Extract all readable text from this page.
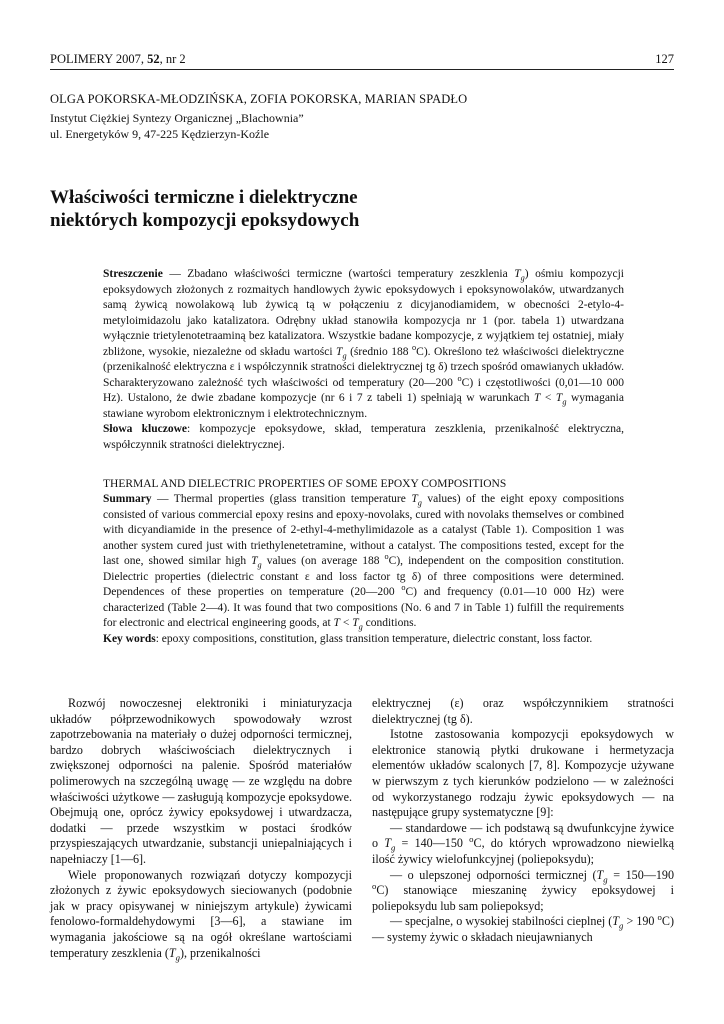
POLIMERY 2007, 52, nr 2	127
OLGA POKORSKA-MŁODZIŃSKA, ZOFIA POKORSKA, MARIAN SPADŁO
Instytut Ciężkiej Syntezy Organicznej „Blachownia”
ul. Energetyków 9, 47-225 Kędzierzyn-Koźle
Właściwości termiczne i dielektryczne
niektórych kompozycji epoksydowych
Streszczenie — Zbadano właściwości termiczne (wartości temperatury zeszklenia $T_g$) ośmiu kompozycji epoksydowych złożonych z rozmaitych handlowych żywic epoksydowych i epoksynowolaków, utwardzanych samą żywicą nowolakową lub żywicą tą w połączeniu z dicyjanodiamidem, w obecności 2-etylo-4-metyloimidazolu jako katalizatora. Odrębny układ stanowiła kompozycja nr 1 (por. tabela 1) utwardzana wyłącznie trietylenotetraaminą bez katalizatora. Wszystkie badane kompozycje, z wyjątkiem tej ostatniej, miały zbliżone, wysokie, niezależne od składu wartości $T_g$ (średnio 188 $^o$C). Określono też właściwości dielektryczne (przenikalność elektryczna ε i współczynnik stratności dielektrycznej tg δ) trzech spośród omawianych układów. Scharakteryzowano zależność tych właściwości od temperatury (20—200 $^o$C) i częstotliwości (0,01—10 000 Hz). Ustalono, że dwie zbadane kompozycje (nr 6 i 7 z tabeli 1) spełniają w warunkach $T < T_g$ wymagania stawiane wyrobom elektronicznym i elektrotechnicznym.
Słowa kluczowe: kompozycje epoksydowe, skład, temperatura zeszklenia, przenikalność elektryczna, współczynnik stratności dielektrycznej.
THERMAL AND DIELECTRIC PROPERTIES OF SOME EPOXY COMPOSITIONS
Summary — Thermal properties (glass transition temperature $T_g$ values) of the eight epoxy compositions consisted of various commercial epoxy resins and epoxy-novolaks, cured with novolaks themselves or combined with dicyandiamide in the presence of 2-ethyl-4-methylimidazole as a catalyst (Table 1). Composition 1 was another system cured just with triethylenetetramine, without a catalyst. The compositions tested, except for the last one, showed similar high $T_g$ values (on average 188 $^o$C), independent on the composition constitution. Dielectric properties (dielectric constant ε and loss factor tg δ) of three compositions were determined. Dependences of these properties on temperature (20—200 $^o$C) and frequency (0.01—10 000 Hz) were characterized (Table 2—4). It was found that two compositions (No. 6 and 7 in Table 1) fulfill the requirements for electronic and electrical engineering goods, at $T < T_g$ conditions.
Key words: epoxy compositions, constitution, glass transition temperature, dielectric constant, loss factor.

Rozwój nowoczesnej elektroniki i miniaturyzacja układów półprzewodnikowych spowodowały wzrost zapotrzebowania na materiały o dużej odporności termicznej, bardzo dobrych właściwościach dielektrycznych i zwiększonej odporności na palenie. Spośród materiałów polimerowych na szczególną uwagę — ze względu na dobre właściwości użytkowe — zasługują kompozycje epoksydowe. Obejmują one, oprócz żywicy epoksydowej i utwardzacza, dodatki — przede wszystkim w postaci środków przyspieszających utwardzanie, substancji uniepalniających i napełniaczy [1—6].

Wiele proponowanych rozwiązań dotyczy kompozycji złożonych z żywic epoksydowych sieciowanych (podobnie jak w pracy opisywanej w niniejszym artykule) żywicami fenolowo-formaldehydowymi [3—6], a stawiane im wymagania jakościowe są na ogół określane wartościami temperatury zeszklenia $(T_g)$, przenikalności

elektrycznej (ε) oraz współczynnikiem stratności dielektrycznej (tg δ).

Istotne zastosowania kompozycji epoksydowych w elektronice stanowią płytki drukowane i hermetyzacja elementów układów scalonych [7, 8]. Kompozycje używane w pierwszym z tych kierunków podzielono — w zależności od wykorzystanego rodzaju żywic epoksydowych — na następujące grupy systematyczne [9]:

— standardowe — ich podstawą są dwufunkcyjne żywice o $T_g$ = 140—150 $^o$C, do których wprowadzono niewielką ilość żywicy wielofunkcyjnej (poliepoksydu);

— o ulepszonej odporności termicznej ($T_g$ = 150—190 $^o$C) stanowiące mieszaninę żywicy epoksydowej i poliepoksydu lub sam poliepoksyd;

— specjalne, o wysokiej stabilności cieplnej ($T_g > 190$ $^o$C) — systemy żywic o składach nieujawnianych
